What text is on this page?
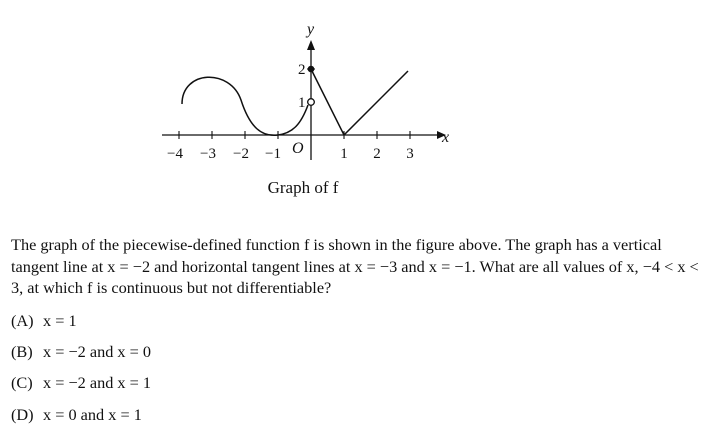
y
x
O
−4 −3 −2 −1	1 2 3
2
1
Graph of f

The graph of the piecewise-defined function f is shown in the figure above. The graph has a vertical tangent line at x = −2 and horizontal tangent lines at x = −3 and x = −1. What are all values of x, −4 < x < 3, at which f is continuous but not differentiable?

(A) x = 1
(B) x = −2 and x = 0
(C) x = −2 and x = 1
(D) x = 0 and x = 1
